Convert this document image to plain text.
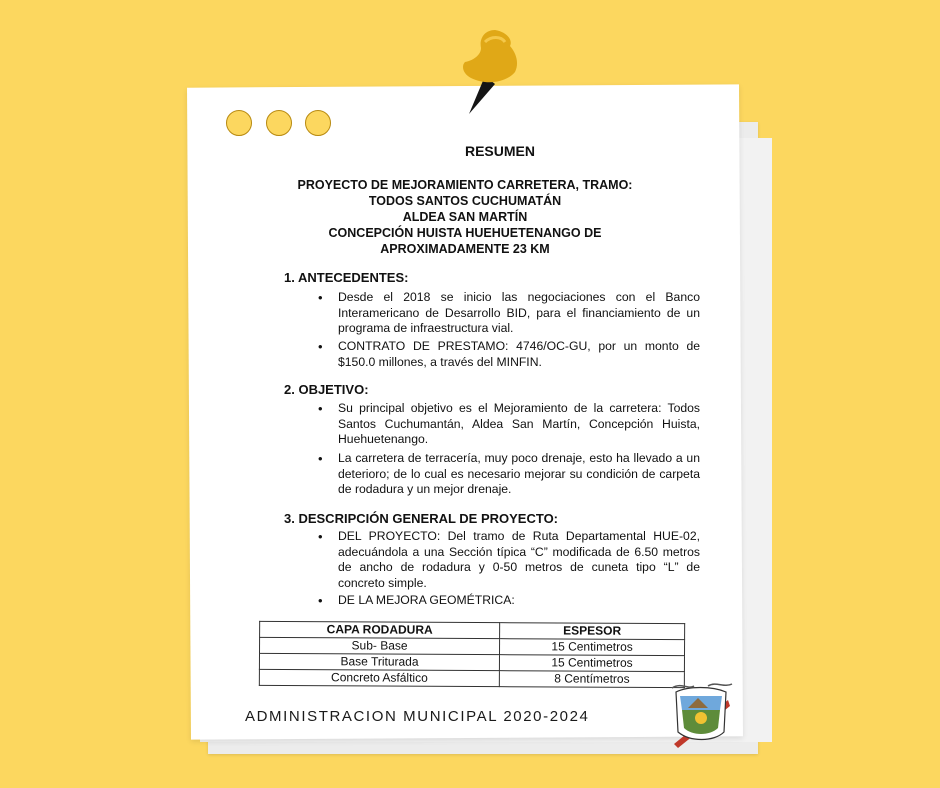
RESUMEN
PROYECTO DE MEJORAMIENTO CARRETERA, TRAMO:
TODOS SANTOS CUCHUMATÁN
ALDEA SAN MARTÍN
CONCEPCIÓN HUISTA HUEHUETENANGO DE
APROXIMADAMENTE 23 KM
1. ANTECEDENTES:
• Desde el 2018 se inicio las negociaciones con el Banco Interamericano de Desarrollo BID, para el financiamiento de un programa de infraestructura vial.
• CONTRATO DE PRESTAMO: 4746/OC-GU, por un monto de $150.0 millones, a través del MINFIN.
2. OBJETIVO:
• Su principal objetivo es el Mejoramiento de la carretera: Todos Santos Cuchumantán, Aldea San Martín, Concepción Huista, Huehuetenango.
• La carretera de terracería, muy poco drenaje, esto ha llevado a un deterioro; de lo cual es necesario mejorar su condición de carpeta de rodadura y un mejor drenaje.
3. DESCRIPCIÓN GENERAL DE PROYECTO:
• DEL PROYECTO: Del tramo de Ruta Departamental HUE-02, adecuándola a una Sección típica “C” modificada de 6.50 metros de ancho de rodadura y 0-50 metros de cuneta tipo “L” de concreto simple.
• DE LA MEJORA GEOMÉTRICA:
CAPA RODADURA	ESPESOR
Sub- Base	15 Centimetros
Base Triturada	15 Centimetros
Concreto Asfáltico	8 Centímetros
ADMINISTRACION MUNICIPAL 2020-2024
